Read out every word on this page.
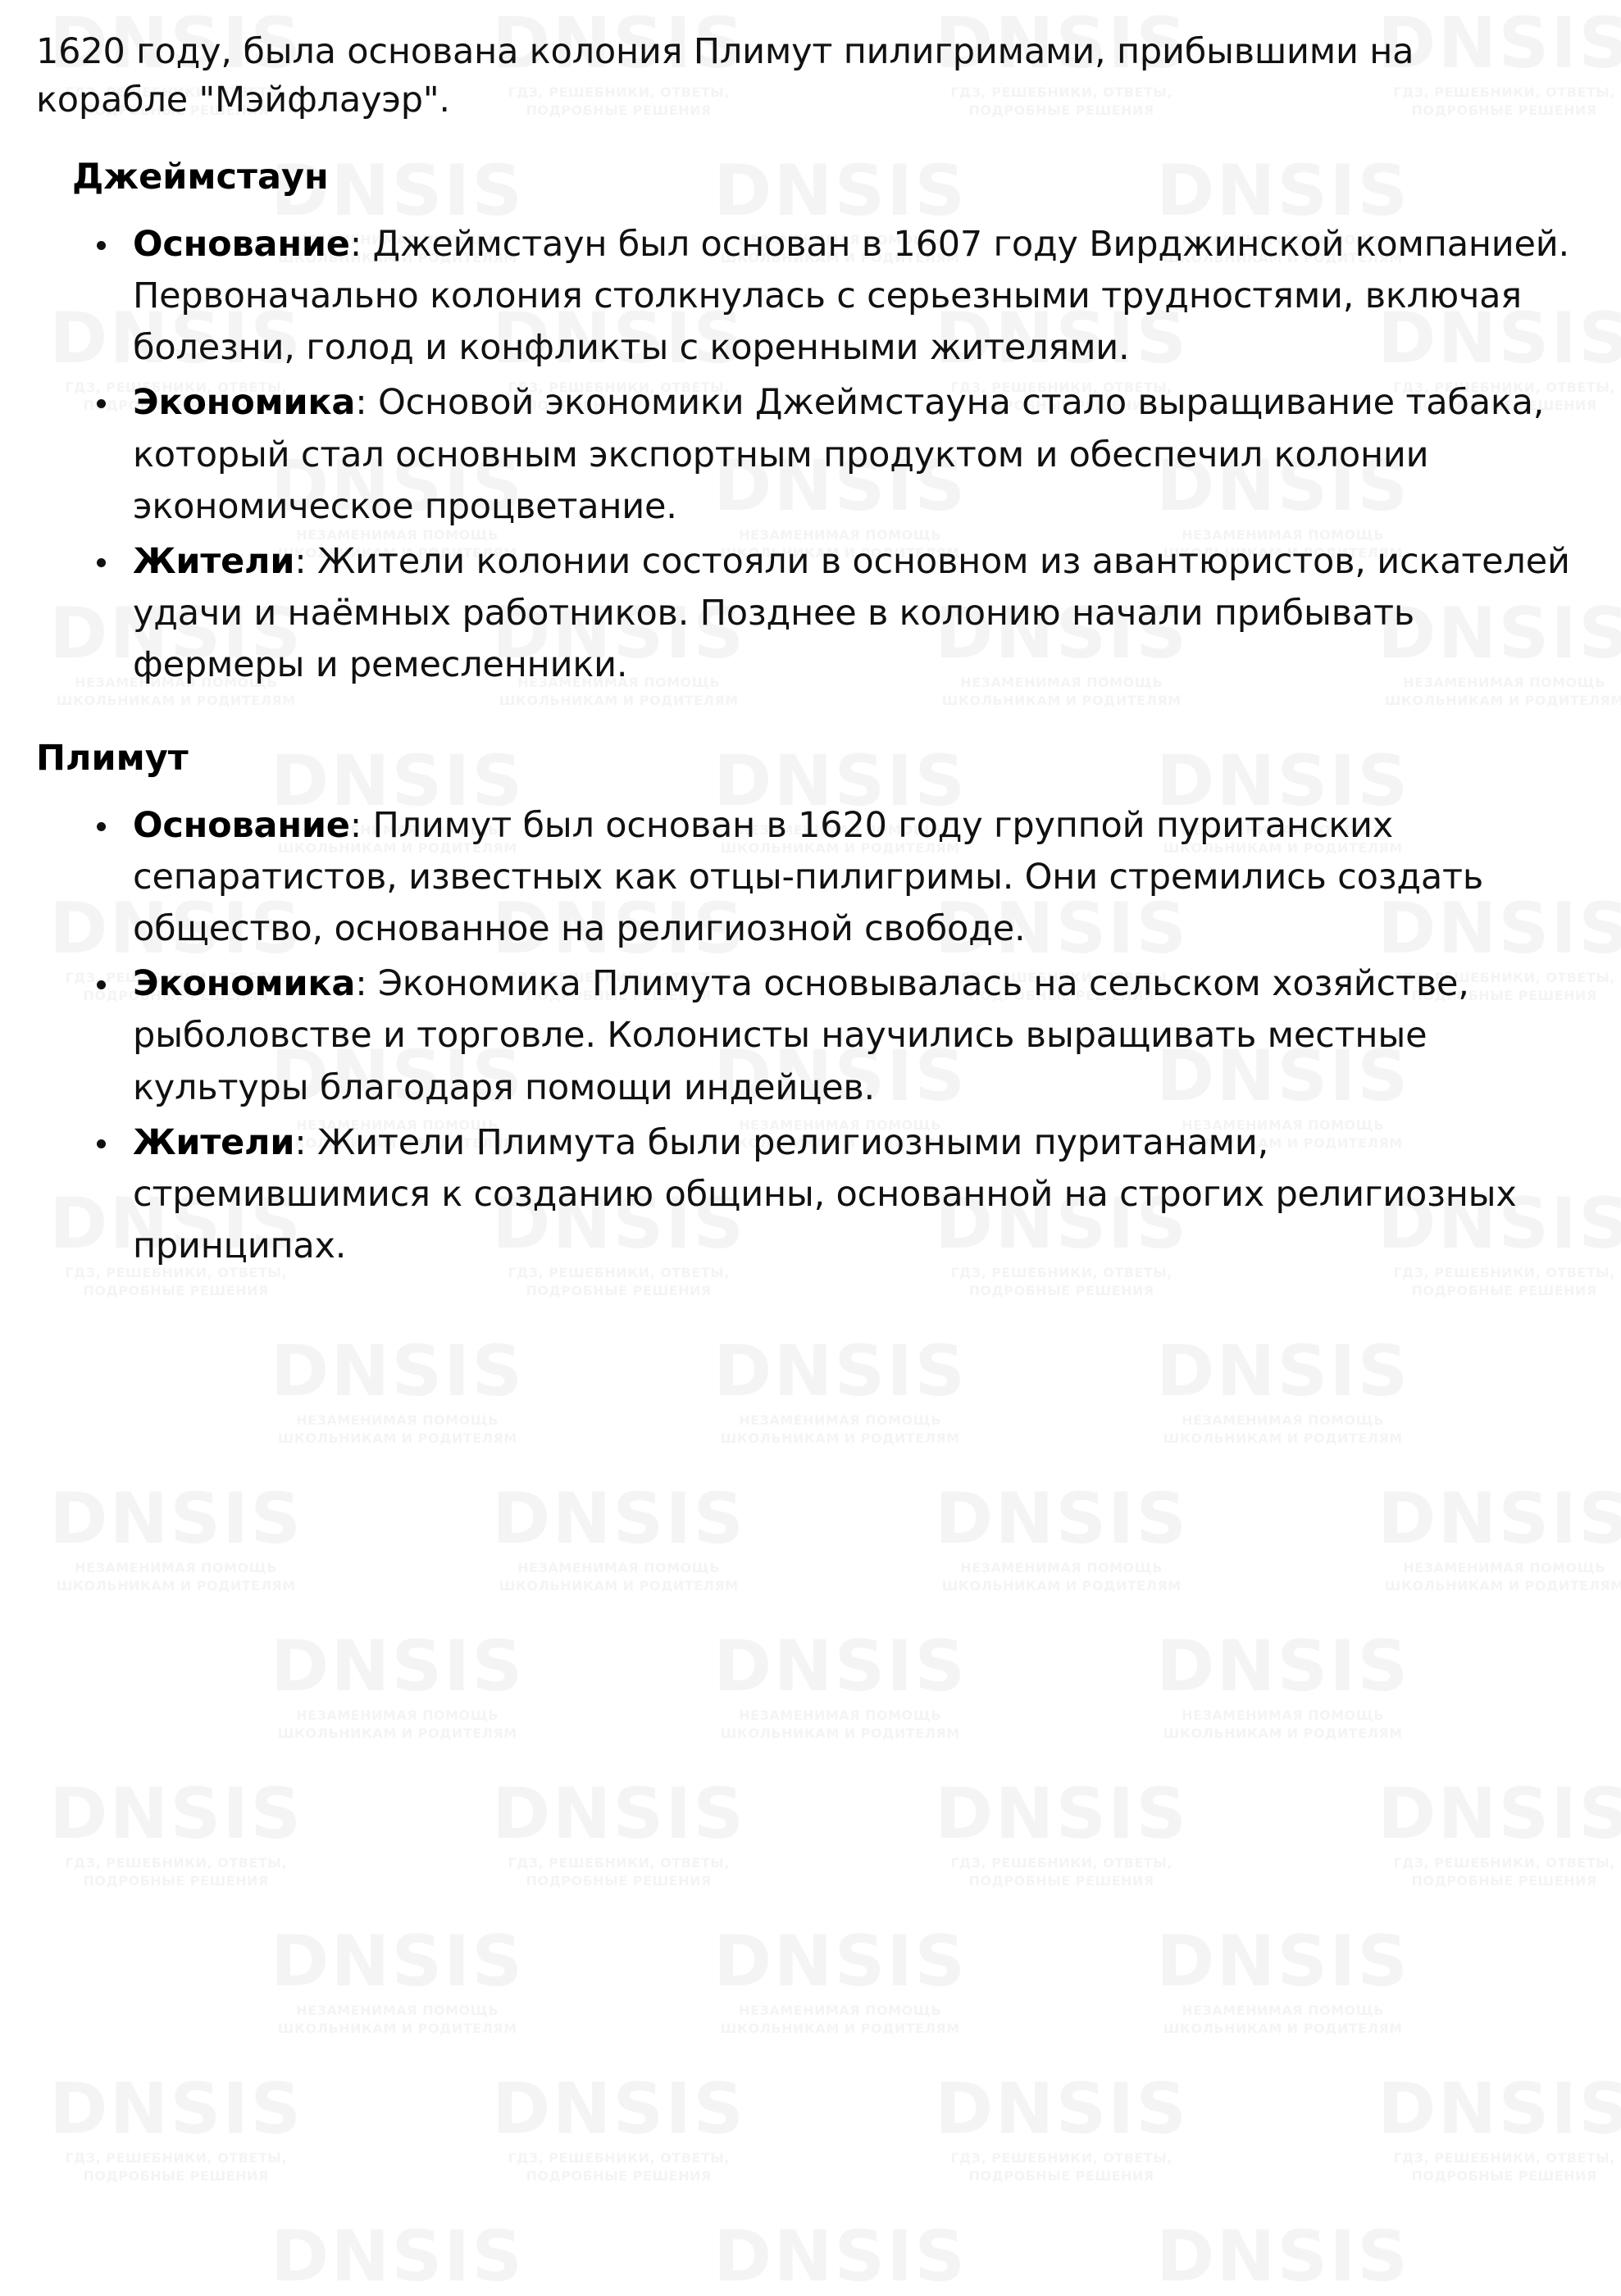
1620 году, была основана колония Плимут пилигримами, прибывшими на корабле "Мэйфлауэр".

Джеймстаун
Основание: Джеймстаун был основан в 1607 году Вирджинской компанией. Первоначально колония столкнулась с серьезными трудностями, включая болезни, голод и конфликты с коренными жителями.
Экономика: Основой экономики Джеймстауна стало выращивание табака, который стал основным экспортным продуктом и обеспечил колонии экономическое процветание.
Жители: Жители колонии состояли в основном из авантюристов, искателей удачи и наёмных работников. Позднее в колонию начали прибывать фермеры и ремесленники.
Плимут
Основание: Плимут был основан в 1620 году группой пуританских сепаратистов, известных как отцы-пилигримы. Они стремились создать общество, основанное на религиозной свободе.
Экономика: Экономика Плимута основывалась на сельском хозяйстве, рыболовстве и торговле. Колонисты научились выращивать местные культуры благодаря помощи индейцев.
Жители: Жители Плимута были религиозными пуританами, стремившимися к созданию общины, основанной на строгих религиозных принципах.
